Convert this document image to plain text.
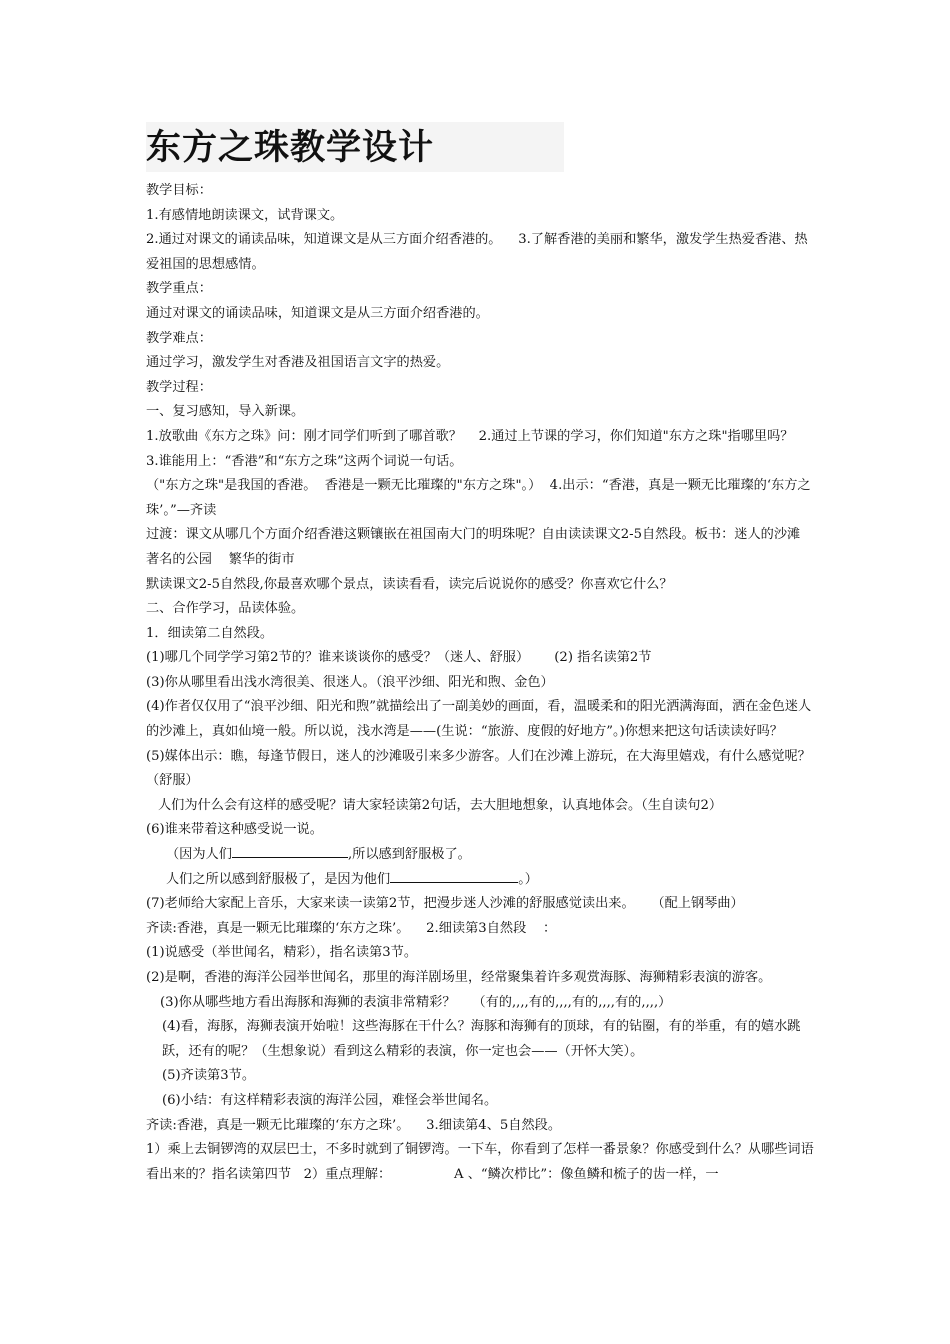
东方之珠教学设计

教学目标：

1.有感情地朗读课文，试背课文。

2.通过对课文的诵读品味，知道课文是从三方面介绍香港的。    3.了解香港的美丽和繁华，激发学生热爱香港、热爱祖国的思想感情。

教学重点：

通过对课文的诵读品味，知道课文是从三方面介绍香港的。

教学难点：

通过学习，激发学生对香港及祖国语言文字的热爱。

教学过程：

一、复习感知，导入新课。

1.放歌曲《东方之珠》问：刚才同学们听到了哪首歌？    2.通过上节课的学习，你们知道"东方之珠"指哪里吗？    3.谁能用上：“香港”和“东方之珠”这两个词说一句话。

（"东方之珠"是我国的香港。  香港是一颗无比璀璨的"东方之珠"。）  4.出示：“香港，真是一颗无比璀璨的‘东方之珠’。”—齐读

过渡：课文从哪几个方面介绍香港这颗镶嵌在祖国南大门的明珠呢？自由读读课文2-5自然段。板书：迷人的沙滩    著名的公园    繁华的街市

默读课文2-5自然段,你最喜欢哪个景点，读读看看，读完后说说你的感受？你喜欢它什么？

二、合作学习，品读体验。

1．细读第二自然段。

(1)哪几个同学学习第2节的？谁来谈谈你的感受？（迷人、舒服）      (2) 指名读第2节

(3)你从哪里看出浅水湾很美、很迷人。（浪平沙细、阳光和煦、金色）

(4)作者仅仅用了“浪平沙细、阳光和煦”就描绘出了一副美妙的画面，看，温暖柔和的阳光洒满海面，洒在金色迷人的沙滩上，真如仙境一般。所以说，浅水湾是——(生说：“旅游、度假的好地方”。)你想来把这句话读读好吗？

(5)媒体出示：瞧，每逢节假日，迷人的沙滩吸引来多少游客。人们在沙滩上游玩，在大海里嬉戏，有什么感觉呢？（舒服）

人们为什么会有这样的感受呢？请大家轻读第2句话，去大胆地想象，认真地体会。（生自读句2）

(6)谁来带着这种感受说一说。

（因为人们	,所以感到舒服极了。

人们之所以感到舒服极了，是因为他们	。）

(7)老师给大家配上音乐，大家来读一读第2节，把漫步迷人沙滩的舒服感觉读出来。    （配上钢琴曲）

齐读:香港，真是一颗无比璀璨的‘东方之珠’。    2.细读第3自然段    ：

(1)说感受（举世闻名，精彩），指名读第3节。

(2)是啊，香港的海洋公园举世闻名，那里的海洋剧场里，经常聚集着许多观赏海豚、海狮精彩表演的游客。

(3)你从哪些地方看出海豚和海狮的表演非常精彩？    （有的,,,,有的,,,,有的,,,,有的,,,,）

(4)看，海豚，海狮表演开始啦！这些海豚在干什么？海豚和海狮有的顶球，有的钻圈，有的举重，有的嬉水跳跃，还有的呢？（生想象说）看到这么精彩的表演，你一定也会——（开怀大笑）。

(5)齐读第3节。

(6)小结：有这样精彩表演的海洋公园，难怪会举世闻名。

齐读:香港，真是一颗无比璀璨的‘东方之珠’。    3.细读第4、5自然段。

1）乘上去铜锣湾的双层巴士，不多时就到了铜锣湾。一下车，你看到了怎样一番景象？你感受到什么？从哪些词语看出来的？指名读第四节   2）重点理解：               A 、“鳞次栉比”：像鱼鳞和梳子的齿一样，一
